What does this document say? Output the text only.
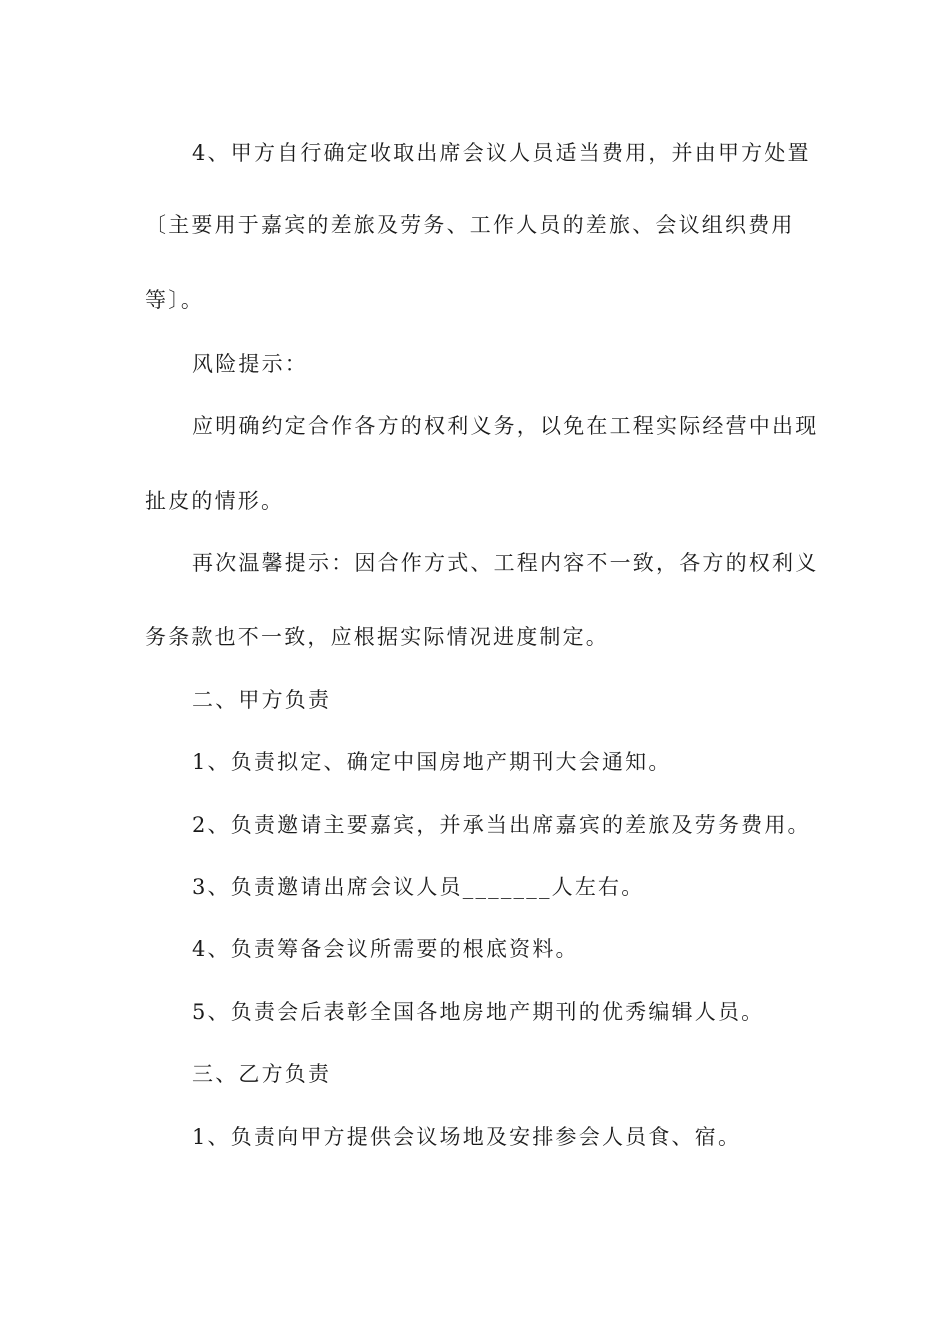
4、甲方自行确定收取出席会议人员适当费用，并由甲方处置
〔主要用于嘉宾的差旅及劳务、工作人员的差旅、会议组织费用
等〕。
风险提示：
应明确约定合作各方的权利义务，以免在工程实际经营中出现
扯皮的情形。
再次温馨提示：因合作方式、工程内容不一致，各方的权利义
务条款也不一致，应根据实际情况进度制定。
二、甲方负责
1、负责拟定、确定中国房地产期刊大会通知。
2、负责邀请主要嘉宾，并承当出席嘉宾的差旅及劳务费用。
3、负责邀请出席会议人员_______人左右。
4、负责筹备会议所需要的根底资料。
5、负责会后表彰全国各地房地产期刊的优秀编辑人员。
三、乙方负责
1、负责向甲方提供会议场地及安排参会人员食、宿。
